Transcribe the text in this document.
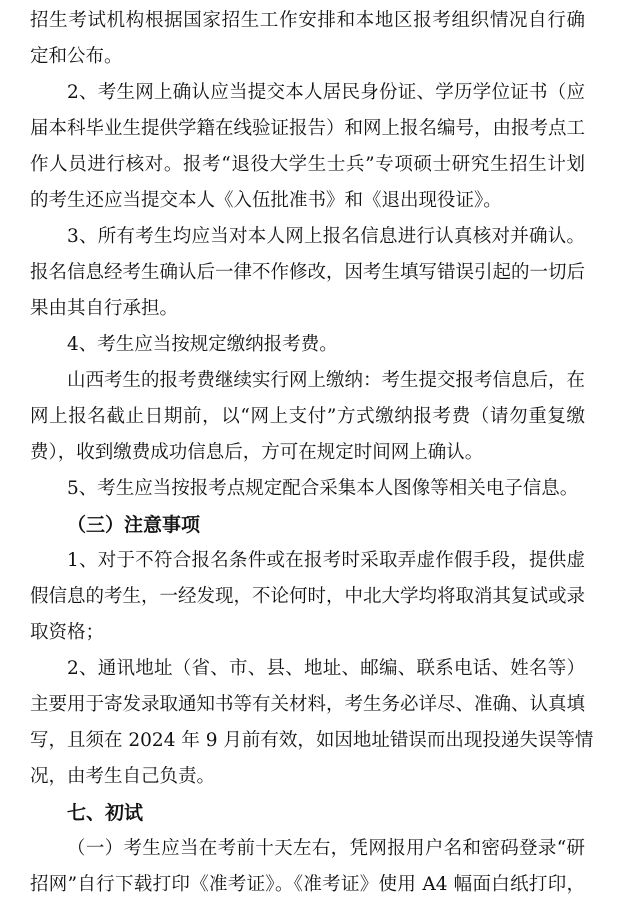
招生考试机构根据国家招生工作安排和本地区报考组织情况自行确
定和公布。
2、考生网上确认应当提交本人居民身份证、学历学位证书（应
届本科毕业生提供学籍在线验证报告）和网上报名编号，由报考点工
作人员进行核对。报考“退役大学生士兵”专项硕士研究生招生计划
的考生还应当提交本人《入伍批准书》和《退出现役证》。
3、所有考生均应当对本人网上报名信息进行认真核对并确认。
报名信息经考生确认后一律不作修改，因考生填写错误引起的一切后
果由其自行承担。
4、考生应当按规定缴纳报考费。
山西考生的报考费继续实行网上缴纳：考生提交报考信息后，在
网上报名截止日期前，以“网上支付”方式缴纳报考费（请勿重复缴
费），收到缴费成功信息后，方可在规定时间网上确认。
5、考生应当按报考点规定配合采集本人图像等相关电子信息。
（三）注意事项
1、对于不符合报名条件或在报考时采取弄虚作假手段，提供虚
假信息的考生，一经发现，不论何时，中北大学均将取消其复试或录
取资格；
2、通讯地址（省、市、县、地址、邮编、联系电话、姓名等）
主要用于寄发录取通知书等有关材料，考生务必详尽、准确、认真填
写，且须在 2024 年 9 月前有效，如因地址错误而出现投递失误等情
况，由考生自己负责。
七、初试
（一）考生应当在考前十天左右，凭网报用户名和密码登录“研
招网”自行下载打印《准考证》。《准考证》使用 A4 幅面白纸打印，
